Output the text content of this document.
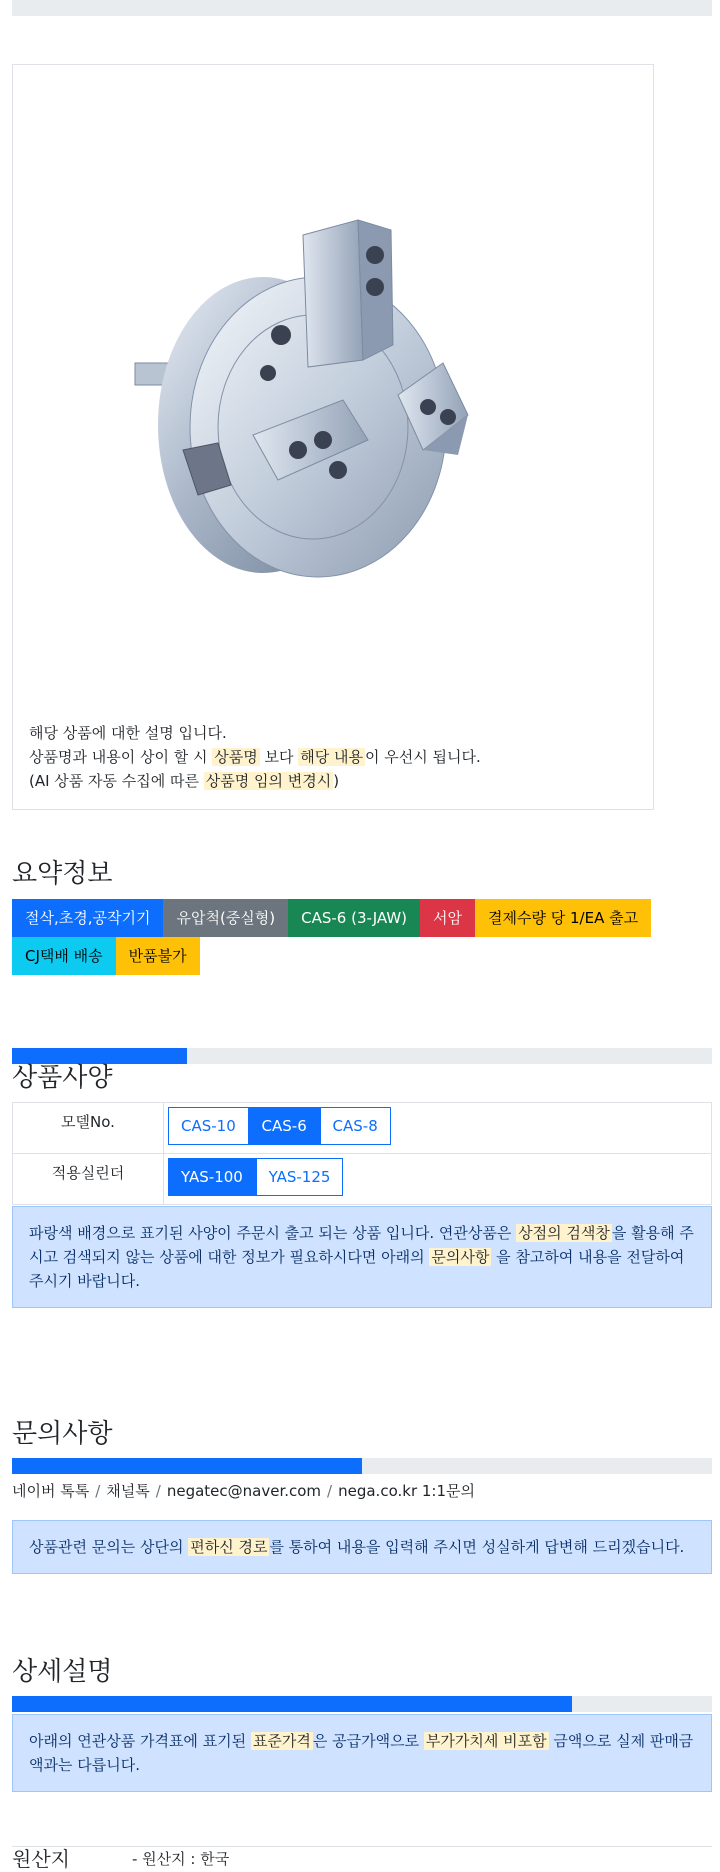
해당 상품에 대한 설명 입니다.

상품명과 내용이 상이 할 시 상품명 보다 해당 내용 이 우선시 됩니다.

(AI 상품 자동 수집에 따른 상품명 임의 변경시 )

요약정보
절삭,초경,공작기기	유압척(중실형)	CAS-6 (3-JAW)	서암	결제수량 당 1/EA 출고
CJ택배 배송	반품불가
상품사양
모델No.	CAS-10 CAS-6 CAS-8
적용실린더	YAS-100 YAS-125
파랑색 배경으로 표기된 사양이 주문시 출고 되는 상품 입니다. 연관상품은 상점의 검색창 을 활용해 주시고 검색되지 않는 상품에 대한 정보가 필요하시다면 아래의 문의사항 을 참고하여 내용을 전달하여 주시기 바랍니다.
문의사항
네이버 톡톡 / 채널톡 / negatec@naver.com / nega.co.kr 1:1문의
상품관련 문의는 상단의 편하신 경로 를 통하여 내용을 입력해 주시면 성실하게 답변해 드리겠습니다.
상세설명
아래의 연관상품 가격표에 표기된 표준가격 은 공급가액으로 부가가치세 비포함 금액으로 실제 판매금액과는 다릅니다.
원산지	- 원산지 : 한국
